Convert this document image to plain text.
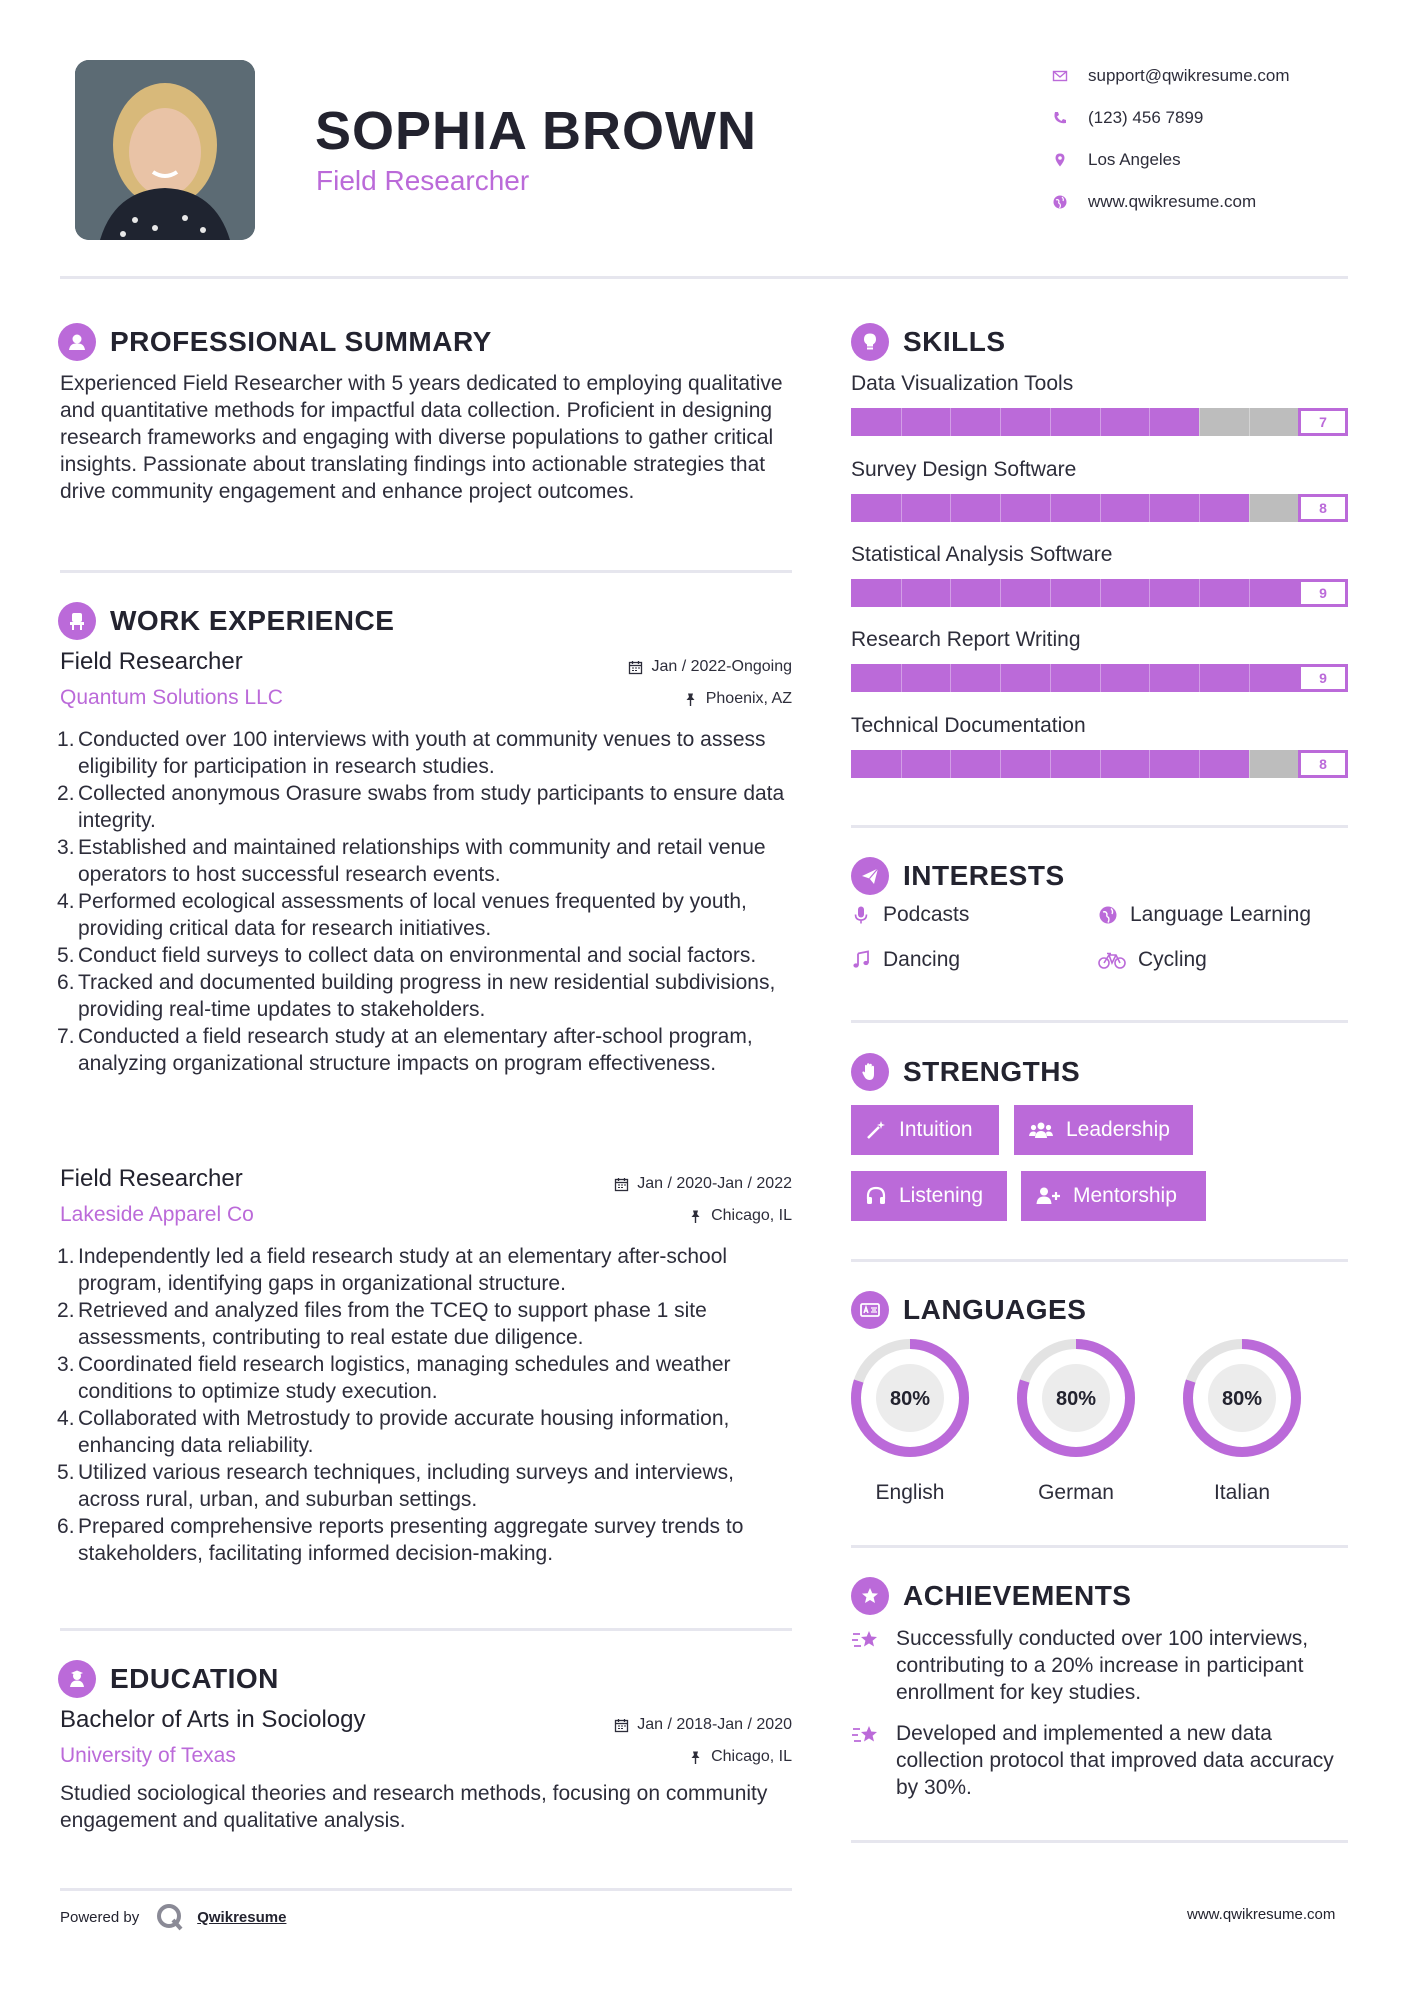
SOPHIA BROWN
Field Researcher
support@qwikresume.com
(123) 456 7899
Los Angeles
www.qwikresume.com
PROFESSIONAL SUMMARY
Experienced Field Researcher with 5 years dedicated to employing qualitative and quantitative methods for impactful data collection. Proficient in designing research frameworks and engaging with diverse populations to gather critical insights. Passionate about translating findings into actionable strategies that drive community engagement and enhance project outcomes.
WORK EXPERIENCE
Field Researcher	Jan / 2022-Ongoing
Quantum Solutions LLC	Phoenix, AZ
Conducted over 100 interviews with youth at community venues to assess eligibility for participation in research studies.
Collected anonymous Orasure swabs from study participants to ensure data integrity.
Established and maintained relationships with community and retail venue operators to host successful research events.
Performed ecological assessments of local venues frequented by youth, providing critical data for research initiatives.
Conduct field surveys to collect data on environmental and social factors.
Tracked and documented building progress in new residential subdivisions, providing real-time updates to stakeholders.
Conducted a field research study at an elementary after-school program, analyzing organizational structure impacts on program effectiveness.
Field Researcher	Jan / 2020-Jan / 2022
Lakeside Apparel Co	Chicago, IL
Independently led a field research study at an elementary after-school program, identifying gaps in organizational structure.
Retrieved and analyzed files from the TCEQ to support phase 1 site assessments, contributing to real estate due diligence.
Coordinated field research logistics, managing schedules and weather conditions to optimize study execution.
Collaborated with Metrostudy to provide accurate housing information, enhancing data reliability.
Utilized various research techniques, including surveys and interviews, across rural, urban, and suburban settings.
Prepared comprehensive reports presenting aggregate survey trends to stakeholders, facilitating informed decision-making.
EDUCATION
Bachelor of Arts in Sociology	Jan / 2018-Jan / 2020
University of Texas	Chicago, IL
Studied sociological theories and research methods, focusing on community engagement and qualitative analysis.
Powered by	Qwikresume	www.qwikresume.com
SKILLS
Data Visualization Tools
7
Survey Design Software
8
Statistical Analysis Software
9
Research Report Writing
9
Technical Documentation
8
INTERESTS
Podcasts	Language Learning
Dancing	Cycling
STRENGTHS
Intuition	Leadership
Listening	Mentorship
LANGUAGES
80%
English
80%
German
80%
Italian
ACHIEVEMENTS
Successfully conducted over 100 interviews, contributing to a 20% increase in participant enrollment for key studies.
Developed and implemented a new data collection protocol that improved data accuracy by 30%.
